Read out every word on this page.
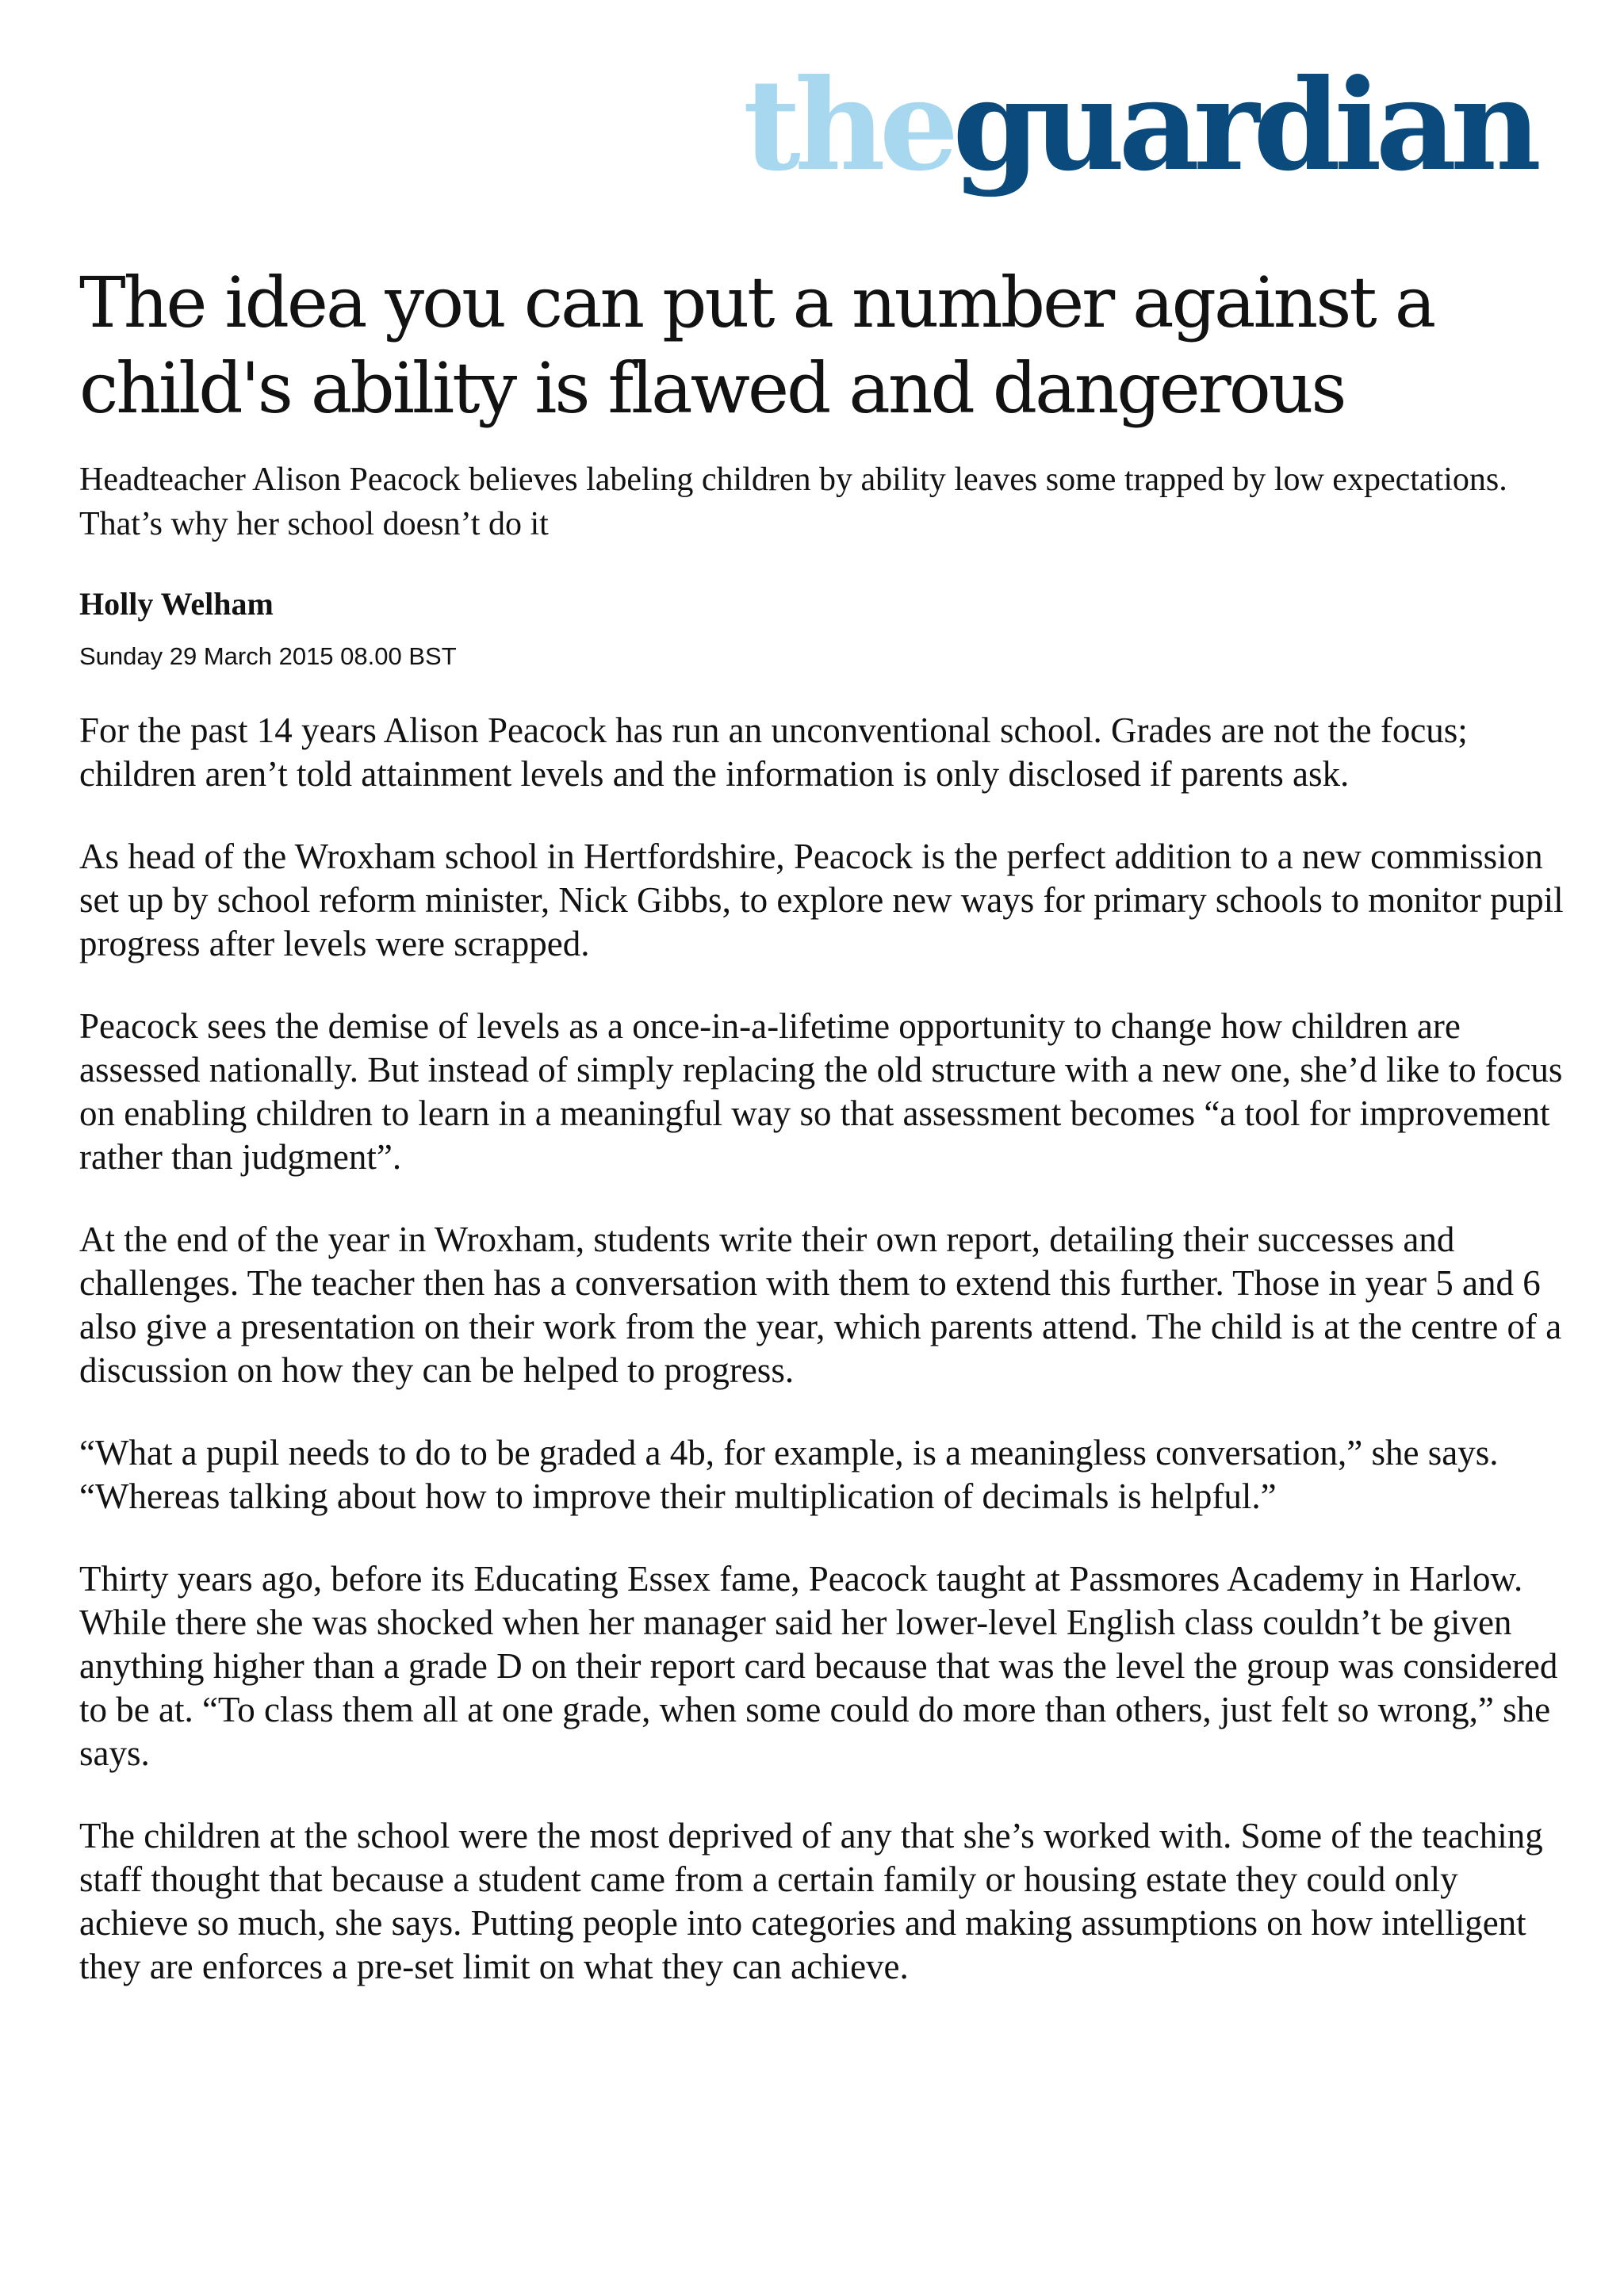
the guardian
The idea you can put a number against a child's ability is flawed and dangerous

Headteacher Alison Peacock believes labeling children by ability leaves some trapped by low expectations. That’s why her school doesn’t do it

Holly Welham

Sunday 29 March 2015 08.00 BST

For the past 14 years Alison Peacock has run an unconventional school. Grades are not the focus; children aren’t told attainment levels and the information is only disclosed if parents ask.

As head of the Wroxham school in Hertfordshire, Peacock is the perfect addition to a new commission set up by school reform minister, Nick Gibbs, to explore new ways for primary schools to monitor pupil progress after levels were scrapped.

Peacock sees the demise of levels as a once-in-a-lifetime opportunity to change how children are assessed nationally. But instead of simply replacing the old structure with a new one, she’d like to focus on enabling children to learn in a meaningful way so that assessment becomes “a tool for improvement rather than judgment”.

At the end of the year in Wroxham, students write their own report, detailing their successes and challenges. The teacher then has a conversation with them to extend this further. Those in year 5 and 6 also give a presentation on their work from the year, which parents attend. The child is at the centre of a discussion on how they can be helped to progress.

“What a pupil needs to do to be graded a 4b, for example, is a meaningless conversation,” she says. “Whereas talking about how to improve their multiplication of decimals is helpful.”

Thirty years ago, before its Educating Essex fame, Peacock taught at Passmores Academy in Harlow. While there she was shocked when her manager said her lower-level English class couldn’t be given anything higher than a grade D on their report card because that was the level the group was considered to be at. “To class them all at one grade, when some could do more than others, just felt so wrong,” she says.

The children at the school were the most deprived of any that she’s worked with. Some of the teaching staff thought that because a student came from a certain family or housing estate they could only achieve so much, she says. Putting people into categories and making assumptions on how intelligent they are enforces a pre-set limit on what they can achieve.
